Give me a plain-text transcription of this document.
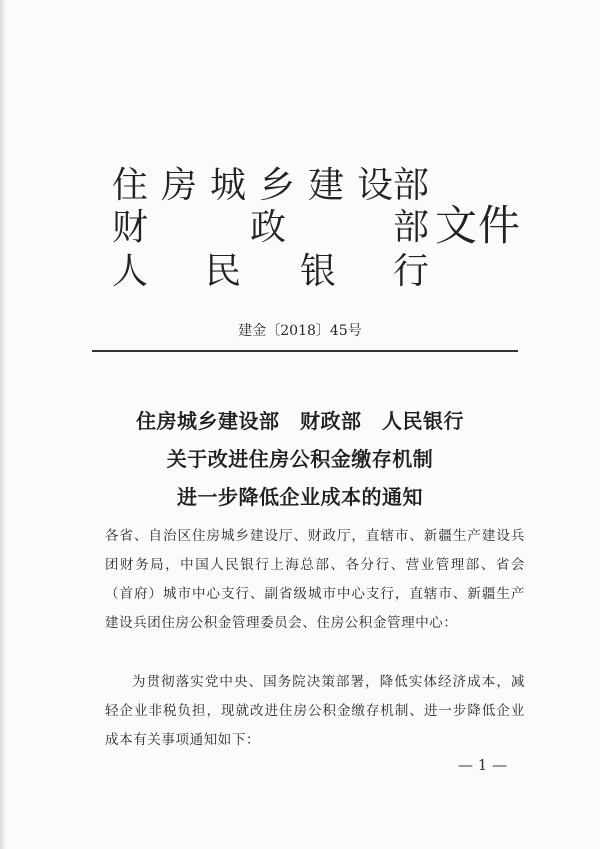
住 房 城 乡 建 设 部
财	政	部
人 民 银 行
文件
建金〔2018〕45号
住房城乡建设部　财政部　人民银行
关于改进住房公积金缴存机制
进一步降低企业成本的通知
各省、自治区住房城乡建设厅、财政厅，直辖市、新疆生产建设兵团财务局，中国人民银行上海总部、各分行、营业管理部、省会（首府）城市中心支行、副省级城市中心支行，直辖市、新疆生产建设兵团住房公积金管理委员会、住房公积金管理中心：
为贯彻落实党中央、国务院决策部署，降低实体经济成本，减轻企业非税负担，现就改进住房公积金缴存机制、进一步降低企业成本有关事项通知如下：
— 1 —
